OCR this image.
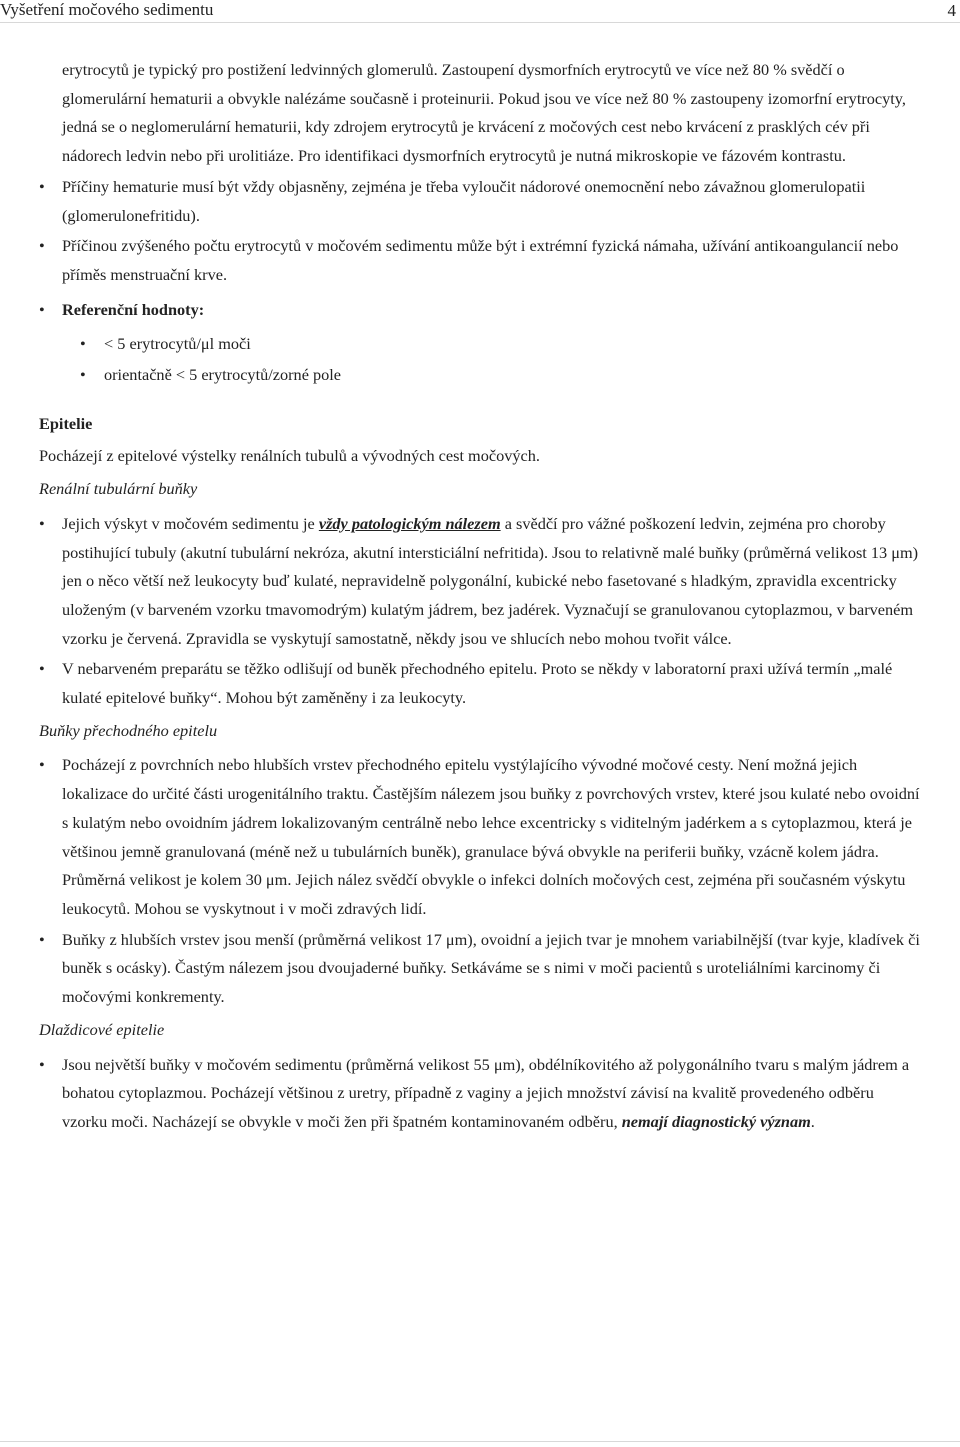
Vyšetření močového sedimentu	4

erytrocytů je typický pro postižení ledvinných glomerulů. Zastoupení dysmorfních erytrocytů ve více než 80 % svědčí o glomerulární hematurii a obvykle nalézáme současně i proteinurii. Pokud jsou ve více než 80 % zastoupeny izomorfní erytrocyty, jedná se o neglomerulární hematurii, kdy zdrojem erytrocytů je krvácení z močových cest nebo krvácení z prasklých cév při nádorech ledvin nebo při urolitiáze. Pro identifikaci dysmorfních erytrocytů je nutná mikroskopie ve fázovém kontrastu.

• Příčiny hematurie musí být vždy objasněny, zejména je třeba vyloučit nádorové onemocnění nebo závažnou glomerulopatii (glomerulonefritidu).
• Příčinou zvýšeného počtu erytrocytů v močovém sedimentu může být i extrémní fyzická námaha, užívání antikoangulancií nebo příměs menstruační krve.
• Referenční hodnoty:
• < 5 erytrocytů/μl moči
• orientačně < 5 erytrocytů/zorné pole

Epitelie

Pocházejí z epitelové výstelky renálních tubulů a vývodných cest močových.

Renální tubulární buňky

• Jejich výskyt v močovém sedimentu je vždy patologickým nálezem a svědčí pro vážné poškození ledvin, zejména pro choroby postihující tubuly (akutní tubulární nekróza, akutní intersticiální nefritida). Jsou to relativně malé buňky (průměrná velikost 13 μm) jen o něco větší než leukocyty buď kulaté, nepravidelně polygonální, kubické nebo fasetované s hladkým, zpravidla excentricky uloženým (v barveném vzorku tmavomodrým) kulatým jádrem, bez jadérek. Vyznačují se granulovanou cytoplazmou, v barveném vzorku je červená. Zpravidla se vyskytují samostatně, někdy jsou ve shlucích nebo mohou tvořit válce.
• V nebarveném preparátu se těžko odlišují od buněk přechodného epitelu. Proto se někdy v laboratorní praxi užívá termín „malé kulaté epitelové buňky“. Mohou být zaměněny i za leukocyty.

Buňky přechodného epitelu

• Pocházejí z povrchních nebo hlubších vrstev přechodného epitelu vystýlajícího vývodné močové cesty. Není možná jejich lokalizace do určité části urogenitálního traktu. Častějším nálezem jsou buňky z povrchových vrstev, které jsou kulaté nebo ovoidní s kulatým nebo ovoidním jádrem lokalizovaným centrálně nebo lehce excentricky s viditelným jadérkem a s cytoplazmou, která je většinou jemně granulovaná (méně než u tubulárních buněk), granulace bývá obvykle na periferii buňky, vzácně kolem jádra. Průměrná velikost je kolem 30 μm. Jejich nález svědčí obvykle o infekci dolních močových cest, zejména při současném výskytu leukocytů. Mohou se vyskytnout i v moči zdravých lidí.
• Buňky z hlubších vrstev jsou menší (průměrná velikost 17 μm), ovoidní a jejich tvar je mnohem variabilnější (tvar kyje, kladívek či buněk s ocásky). Častým nálezem jsou dvoujaderné buňky. Setkáváme se s nimi v moči pacientů s uroteliálními karcinomy či močovými konkrementy.

Dlaždicové epitelie

• Jsou největší buňky v močovém sedimentu (průměrná velikost 55 μm), obdélníkovitého až polygonálního tvaru s malým jádrem a bohatou cytoplazmou. Pocházejí většinou z uretry, případně z vaginy a jejich množství závisí na kvalitě provedeného odběru vzorku moči. Nacházejí se obvykle v moči žen při špatném kontaminovaném odběru, nemají diagnostický význam.
